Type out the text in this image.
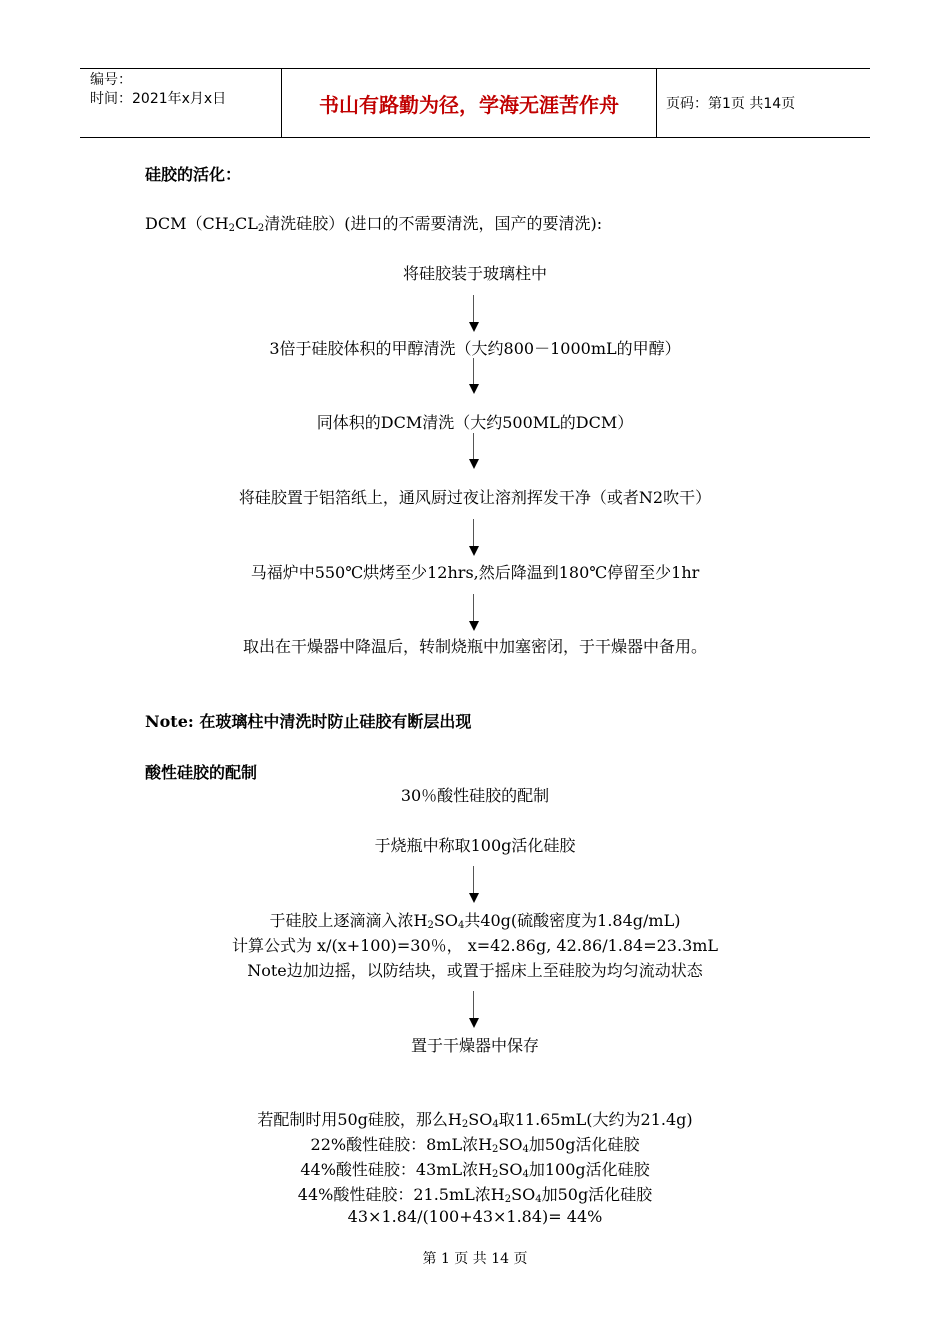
编号：
时间：2021年x月x日	书山有路勤为径，学海无涯苦作舟	页码：第1页 共14页
硅胶的活化：
$DCM(CH_2CL_2$清洗硅胶）(进口的不需要清洗，国产的要清洗):
将硅胶装于玻璃柱中
3倍于硅胶体积的甲醇清洗（大约800－1000mL的甲醇）
同体积的DCM清洗（大约500ML的DCM）
将硅胶置于铝箔纸上，通风厨过夜让溶剂挥发干净（或者N2吹干）
马福炉中550℃烘烤至少12hrs,然后降温到180℃停留至少1hr
取出在干燥器中降温后，转制烧瓶中加塞密闭，于干燥器中备用。
Note: 在玻璃柱中清洗时防止硅胶有断层出现
酸性硅胶的配制
30％酸性硅胶的配制
于烧瓶中称取100g活化硅胶
于硅胶上逐滴滴入浓$H_2SO_4$共40g(硫酸密度为1.84g/mL)
计算公式为 x/(x+100)=30％， x=42.86g, 42.86/1.84=23.3mL
Note边加边摇，以防结块，或置于摇床上至硅胶为均匀流动状态
置于干燥器中保存
若配制时用50g硅胶，那么$H_2SO_4$取11.65mL(大约为21.4g)
22%酸性硅胶：8mL浓$H_2SO_4$加50g活化硅胶
44%酸性硅胶：43mL浓$H_2SO_4$加100g活化硅胶
44%酸性硅胶：21.5mL浓$H_2SO_4$加50g活化硅胶
43×1.84/(100+43×1.84)= 44%
第 1 页 共 14 页
